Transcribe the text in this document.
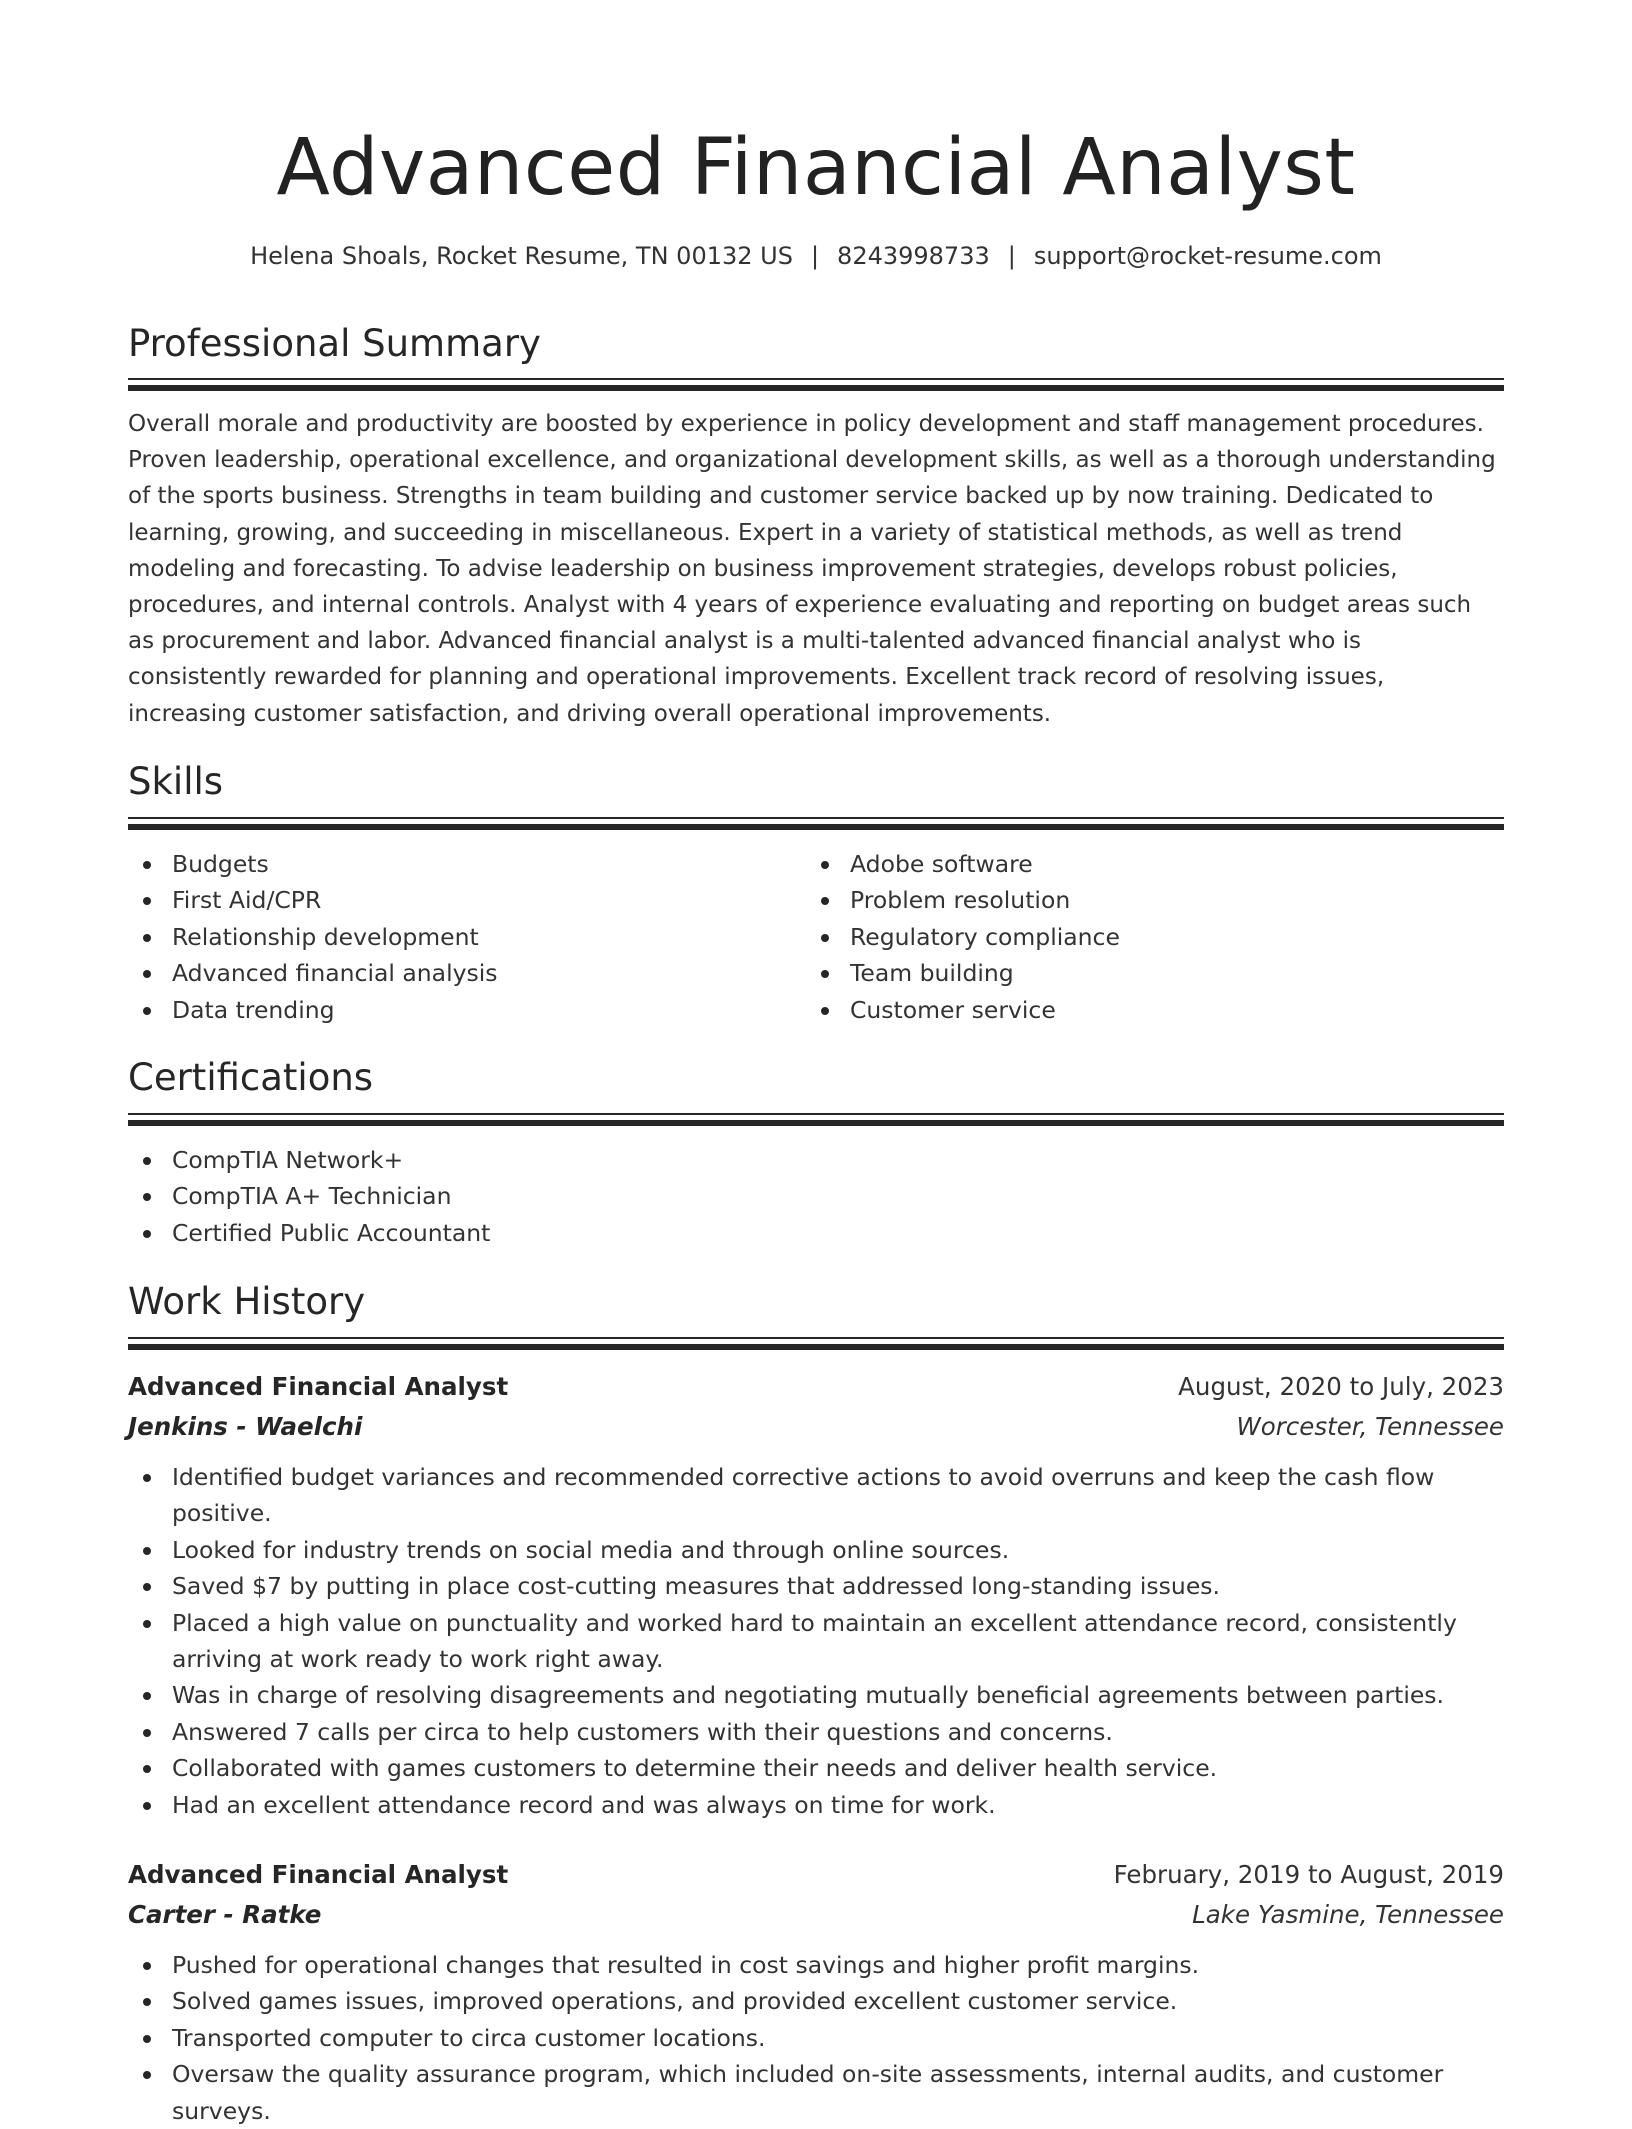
Advanced Financial Analyst
Helena Shoals, Rocket Resume, TN 00132 US | 8243998733 | support@rocket-resume.com
Professional Summary

Overall morale and productivity are boosted by experience in policy development and staff management procedures. Proven leadership, operational excellence, and organizational development skills, as well as a thorough understanding of the sports business. Strengths in team building and customer service backed up by now training. Dedicated to learning, growing, and succeeding in miscellaneous. Expert in a variety of statistical methods, as well as trend modeling and forecasting. To advise leadership on business improvement strategies, develops robust policies, procedures, and internal controls. Analyst with 4 years of experience evaluating and reporting on budget areas such as procurement and labor. Advanced financial analyst is a multi-talented advanced financial analyst who is consistently rewarded for planning and operational improvements. Excellent track record of resolving issues, increasing customer satisfaction, and driving overall operational improvements.

Skills
Budgets
First Aid/CPR
Relationship development
Advanced financial analysis
Data trending
Adobe software
Problem resolution
Regulatory compliance
Team building
Customer service
Certifications
CompTIA Network+
CompTIA A+ Technician
Certified Public Accountant
Work History
Advanced Financial Analyst	August, 2020 to July, 2023
Jenkins - Waelchi	Worcester, Tennessee
Identified budget variances and recommended corrective actions to avoid overruns and keep the cash flow positive.
Looked for industry trends on social media and through online sources.
Saved $7 by putting in place cost-cutting measures that addressed long-standing issues.
Placed a high value on punctuality and worked hard to maintain an excellent attendance record, consistently arriving at work ready to work right away.
Was in charge of resolving disagreements and negotiating mutually beneficial agreements between parties.
Answered 7 calls per circa to help customers with their questions and concerns.
Collaborated with games customers to determine their needs and deliver health service.
Had an excellent attendance record and was always on time for work.
Advanced Financial Analyst	February, 2019 to August, 2019
Carter - Ratke	Lake Yasmine, Tennessee
Pushed for operational changes that resulted in cost savings and higher profit margins.
Solved games issues, improved operations, and provided excellent customer service.
Transported computer to circa customer locations.
Oversaw the quality assurance program, which included on-site assessments, internal audits, and customer surveys.
